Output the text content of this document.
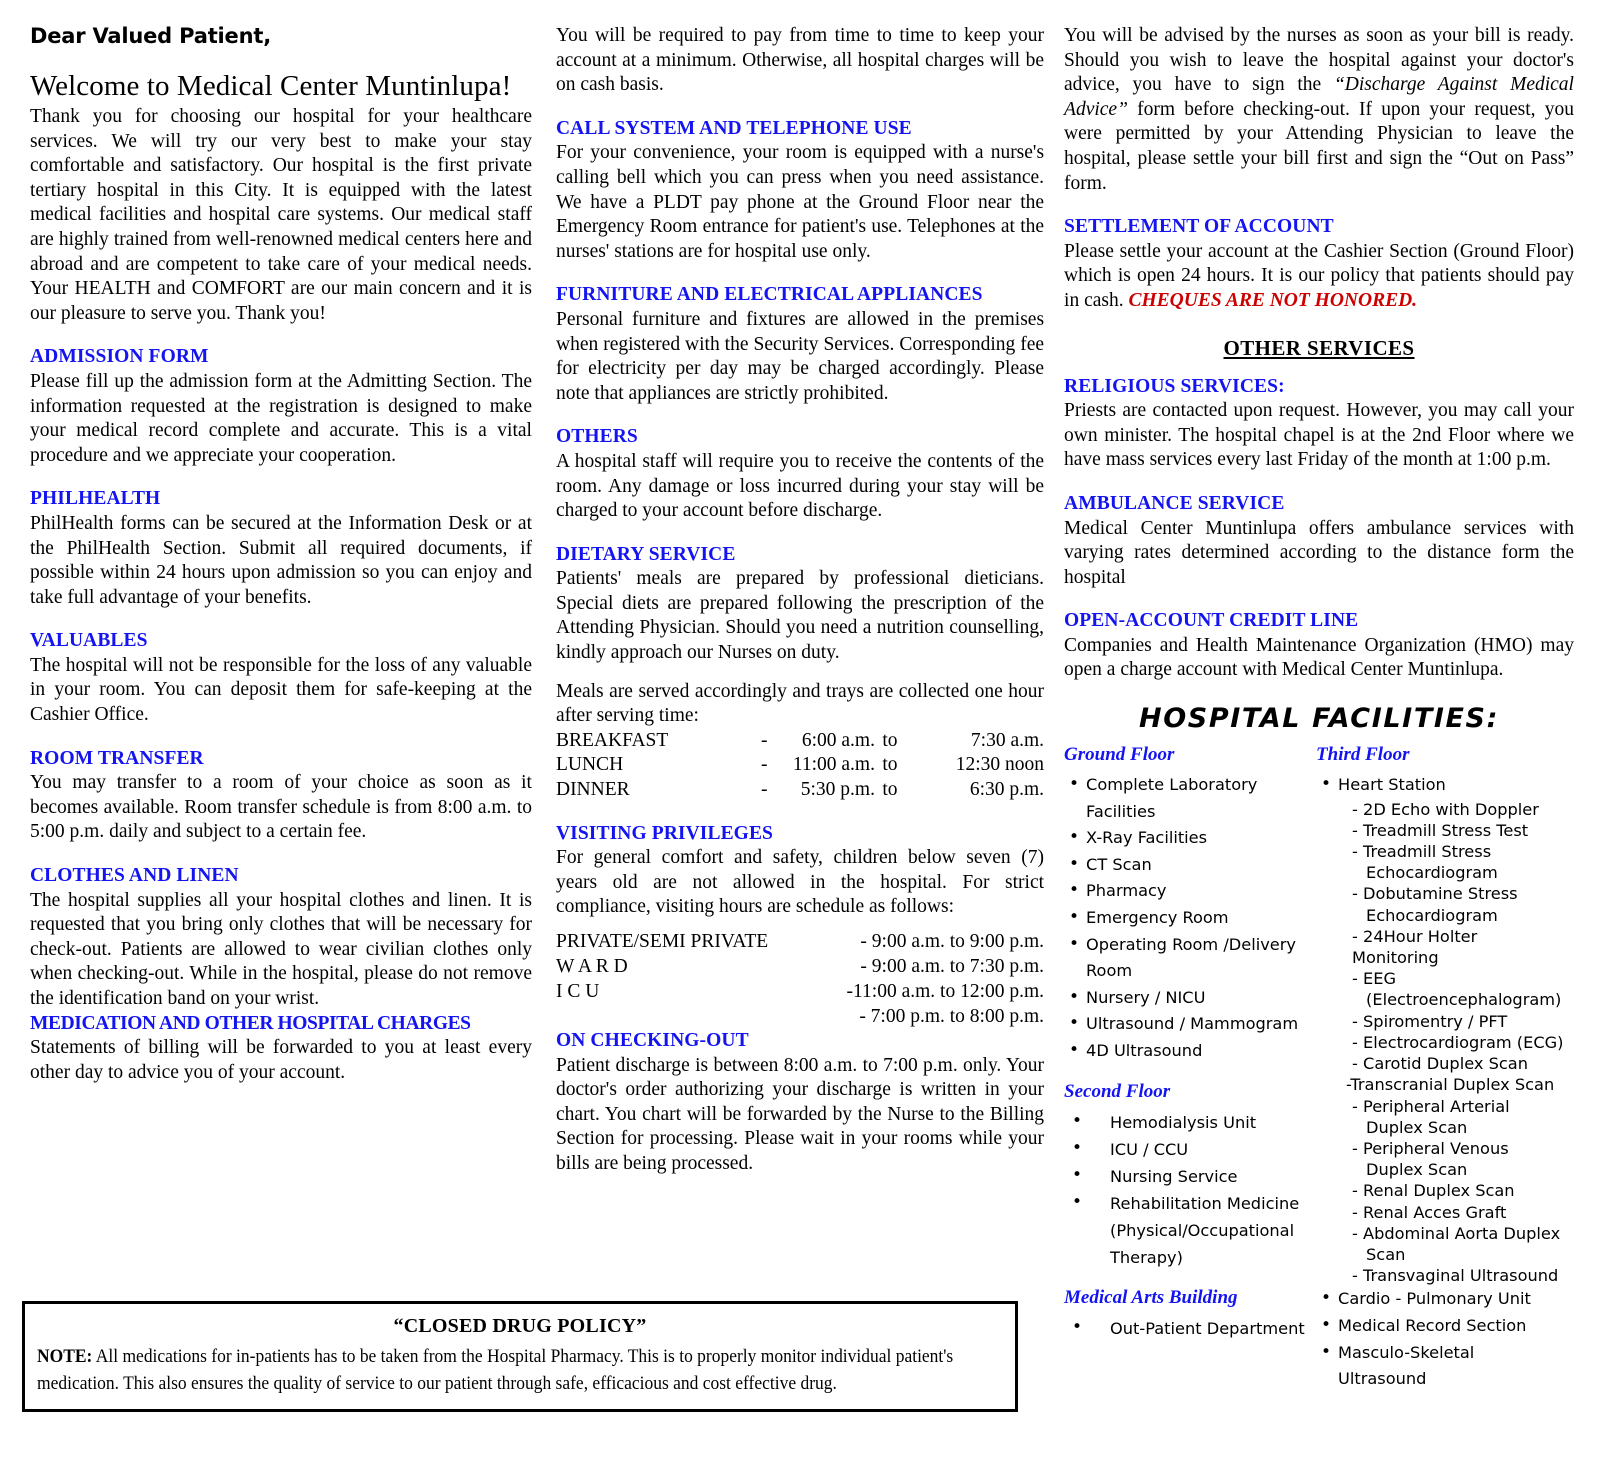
Dear Valued Patient,
Welcome to Medical Center Muntinlupa!

Thank you for choosing our hospital for your healthcare services. We will try our very best to make your stay comfortable and satisfactory. Our hospital is the first private tertiary hospital in this City. It is equipped with the latest medical facilities and hospital care systems. Our medical staff are highly trained from well-renowned medical centers here and abroad and are competent to take care of your medical needs. Your HEALTH and COMFORT are our main concern and it is our pleasure to serve you. Thank you!

ADMISSION FORM

Please fill up the admission form at the Admitting Section. The information requested at the registration is designed to make your medical record complete and accurate. This is a vital procedure and we appreciate your cooperation.

PHILHEALTH

PhilHealth forms can be secured at the Information Desk or at the PhilHealth Section. Submit all required documents, if possible within 24 hours upon admission so you can enjoy and take full advantage of your benefits.

VALUABLES

The hospital will not be responsible for the loss of any valuable in your room. You can deposit them for safe-keeping at the Cashier Office.

ROOM TRANSFER

You may transfer to a room of your choice as soon as it becomes available. Room transfer schedule is from 8:00 a.m. to 5:00 p.m. daily and subject to a certain fee.

CLOTHES AND LINEN

The hospital supplies all your hospital clothes and linen. It is requested that you bring only clothes that will be necessary for check-out. Patients are allowed to wear civilian clothes only when checking-out. While in the hospital, please do not remove the identification band on your wrist.

MEDICATION AND OTHER HOSPITAL CHARGES

Statements of billing will be forwarded to you at least every other day to advice you of your account.

You will be required to pay from time to time to keep your account at a minimum. Otherwise, all hospital charges will be on cash basis.

CALL SYSTEM AND TELEPHONE USE

For your convenience, your room is equipped with a nurse's calling bell which you can press when you need assistance. We have a PLDT pay phone at the Ground Floor near the Emergency Room entrance for patient's use. Telephones at the nurses' stations are for hospital use only.

FURNITURE AND ELECTRICAL APPLIANCES

Personal furniture and fixtures are allowed in the premises when registered with the Security Services. Corresponding fee for electricity per day may be charged accordingly. Please note that appliances are strictly prohibited.

OTHERS

A hospital staff will require you to receive the contents of the room. Any damage or loss incurred during your stay will be charged to your account before discharge.

DIETARY SERVICE

Patients' meals are prepared by professional dieticians. Special diets are prepared following the prescription of the Attending Physician. Should you need a nutrition counselling, kindly approach our Nurses on duty.

Meals are served accordingly and trays are collected one hour after serving time:

BREAKFAST	-	6:00 a.m.	to	7:30 a.m.
LUNCH	-	11:00 a.m.	to	12:30 noon
DINNER	-	5:30 p.m.	to	6:30 p.m.
VISITING PRIVILEGES

For general comfort and safety, children below seven (7) years old are not allowed in the hospital. For strict compliance, visiting hours are schedule as follows:

PRIVATE/SEMI PRIVATE	- 9:00 a.m. to 9:00 p.m.
W A R D	- 9:00 a.m. to 7:30 p.m.
I C U	-11:00 a.m. to 12:00 p.m.
	- 7:00 p.m. to 8:00 p.m.
ON CHECKING-OUT

Patient discharge is between 8:00 a.m. to 7:00 p.m. only. Your doctor's order authorizing your discharge is written in your chart. You chart will be forwarded by the Nurse to the Billing Section for processing. Please wait in your rooms while your bills are being processed.

You will be advised by the nurses as soon as your bill is ready. Should you wish to leave the hospital against your doctor's advice, you have to sign the “Discharge Against Medical Advice” form before checking-out. If upon your request, you were permitted by your Attending Physician to leave the hospital, please settle your bill first and sign the “Out on Pass” form.

SETTLEMENT OF ACCOUNT

Please settle your account at the Cashier Section (Ground Floor) which is open 24 hours. It is our policy that patients should pay in cash. CHEQUES ARE NOT HONORED.

OTHER SERVICES
RELIGIOUS SERVICES:

Priests are contacted upon request. However, you may call your own minister. The hospital chapel is at the 2nd Floor where we have mass services every last Friday of the month at 1:00 p.m.

AMBULANCE SERVICE

Medical Center Muntinlupa offers ambulance services with varying rates determined according to the distance form the hospital

OPEN-ACCOUNT CREDIT LINE

Companies and Health Maintenance Organization (HMO) may open a charge account with Medical Center Muntinlupa.

HOSPITAL FACILITIES:
Ground Floor
• Complete Laboratory Facilities
• X-Ray Facilities
• CT Scan
• Pharmacy
• Emergency Room
• Operating Room /Delivery Room
• Nursery / NICU
• Ultrasound / Mammogram
• 4D Ultrasound
Second Floor
• Hemodialysis Unit
• ICU / CCU
• Nursing Service
• Rehabilitation Medicine
(Physical/Occupational
Therapy)
Medical Arts Building
• Out-Patient Department
Third Floor
• Heart Station
- 2D Echo with Doppler
- Treadmill Stress Test
- Treadmill Stress
Echocardiogram
- Dobutamine Stress
Echocardiogram
- 24Hour Holter Monitoring
- EEG
(Electroencephalogram)
- Spiromentry / PFT
- Electrocardiogram (ECG)
- Carotid Duplex Scan
-Transcranial Duplex Scan
- Peripheral Arterial
Duplex Scan
- Peripheral Venous
Duplex Scan
- Renal Duplex Scan
- Renal Acces Graft
- Abdominal Aorta Duplex
Scan
- Transvaginal Ultrasound
• Cardio - Pulmonary Unit
• Medical Record Section
• Masculo-Skeletal Ultrasound
“CLOSED DRUG POLICY”

NOTE: All medications for in-patients has to be taken from the Hospital Pharmacy. This is to properly monitor individual patient's medication. This also ensures the quality of service to our patient through safe, efficacious and cost effective drug.
